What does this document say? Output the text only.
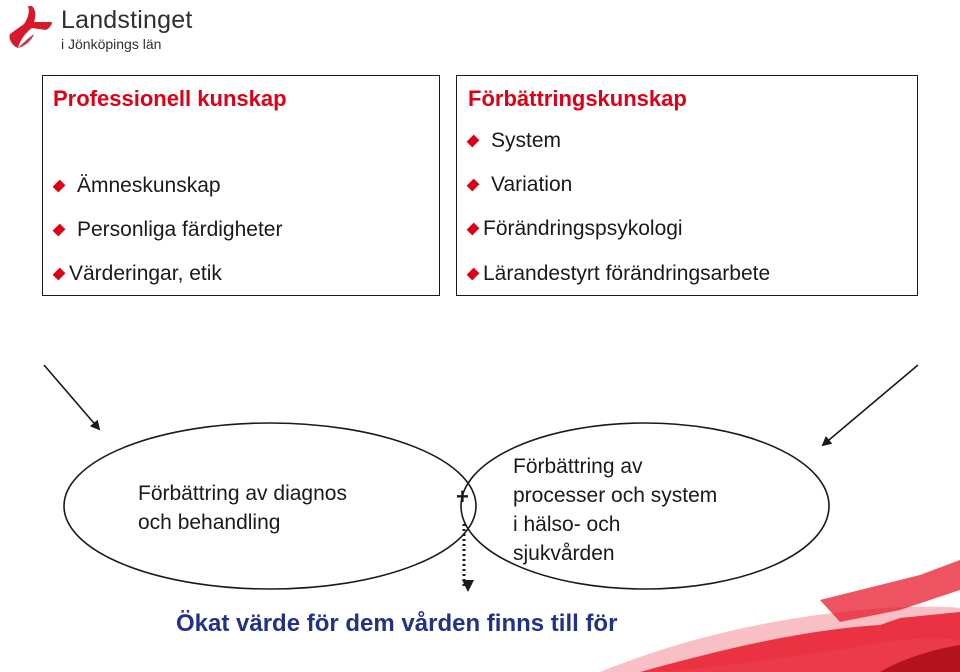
Landstinget
i Jönköpings län
Professionell kunskap
Ämneskunskap
Personliga färdigheter
Värderingar, etik
Förbättringskunskap
System
Variation
Förändringspsykologi
Lärandestyrt förändringsarbete
Förbättring av diagnos
och behandling
Förbättring av
processer och system
i hälso- och
sjukvården
+
Ökat värde för dem vården finns till för
